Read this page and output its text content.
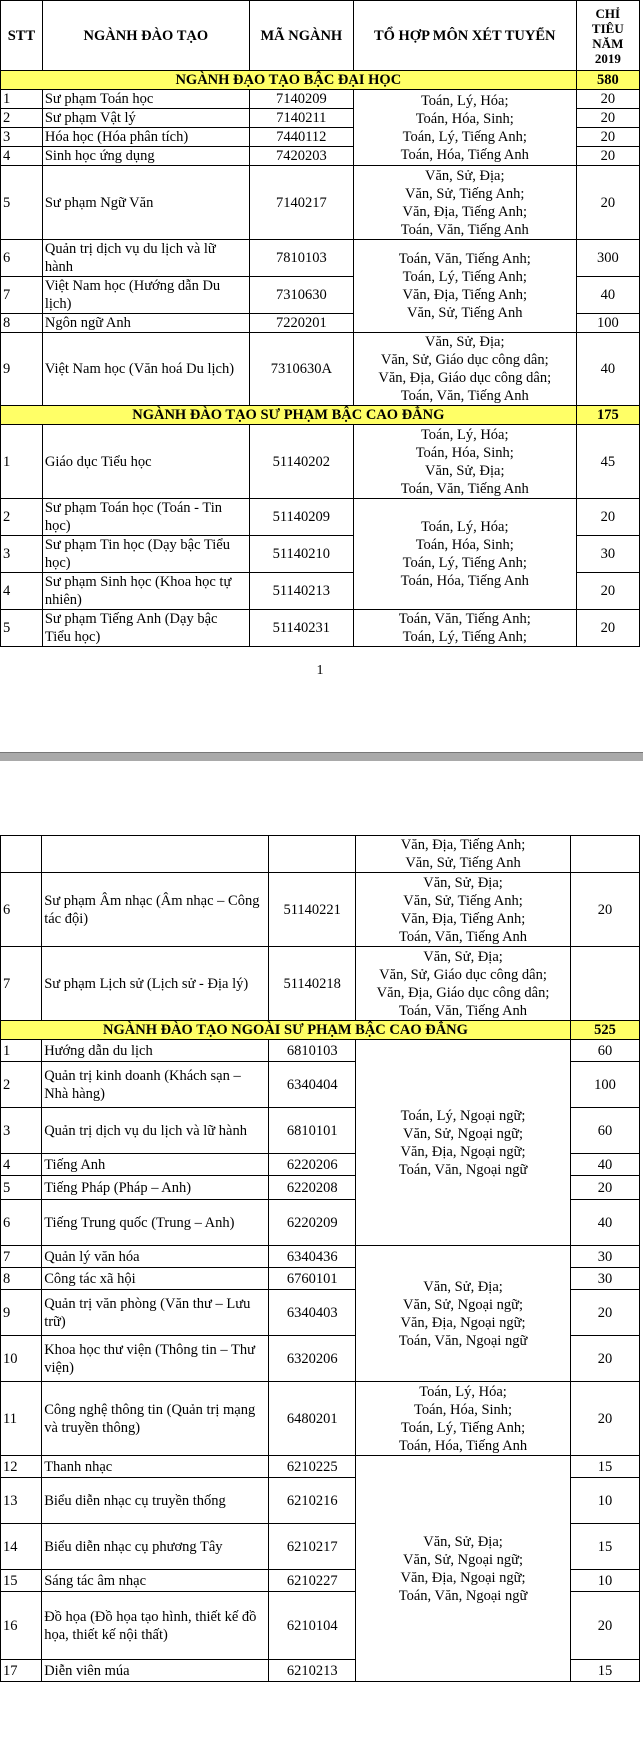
STT	NGÀNH ĐÀO TẠO	MÃ NGÀNH	TỔ HỢP MÔN XÉT TUYỂN	CHỈ TIÊU NĂM 2019
NGÀNH ĐẠO TẠO BẬC ĐẠI HỌC				580
1	Sư phạm Toán học	7140209	Toán, Lý, Hóa;
Toán, Hóa, Sinh;
Toán, Lý, Tiếng Anh;
Toán, Hóa, Tiếng Anh	20
2	Sư phạm Vật lý	7140211		20
3	Hóa học (Hóa phân tích)	7440112		20
4	Sinh học ứng dụng	7420203		20
5	Sư phạm Ngữ Văn	7140217	Văn, Sử, Địa;
Văn, Sử, Tiếng Anh;
Văn, Địa, Tiếng Anh;
Toán, Văn, Tiếng Anh	20
6	Quản trị dịch vụ du lịch và lữ hành	7810103	Toán, Văn, Tiếng Anh;
Toán, Lý, Tiếng Anh;
Văn, Địa, Tiếng Anh;
Văn, Sử, Tiếng Anh	300
7	Việt Nam học (Hướng dẫn Du lịch)	7310630		40
8	Ngôn ngữ Anh	7220201		100
9	Việt Nam học (Văn hoá Du lịch)	7310630A	Văn, Sử, Địa;
Văn, Sử, Giáo dục công dân;
Văn, Địa, Giáo dục công dân;
Toán, Văn, Tiếng Anh	40
NGÀNH ĐÀO TẠO SƯ PHẠM BẬC CAO ĐẲNG				175
1	Giáo dục Tiểu học	51140202	Toán, Lý, Hóa;
Toán, Hóa, Sinh;
Văn, Sử, Địa;
Toán, Văn, Tiếng Anh	45
2	Sư phạm Toán học (Toán - Tin học)	51140209	Toán, Lý, Hóa;
Toán, Hóa, Sinh;
Toán, Lý, Tiếng Anh;
Toán, Hóa, Tiếng Anh	20
3	Sư phạm Tin học (Dạy bậc Tiểu học)	51140210		30
4	Sư phạm Sinh học (Khoa học tự nhiên)	51140213		20
5	Sư phạm Tiếng Anh (Dạy bậc Tiểu học)	51140231	Toán, Văn, Tiếng Anh;
Toán, Lý, Tiếng Anh;	20
1

			Văn, Địa, Tiếng Anh;
Văn, Sử, Tiếng Anh	

6	Sư phạm Âm nhạc (Âm nhạc – Công tác đội)	51140221	Văn, Sử, Địa;
Văn, Sử, Tiếng Anh;
Văn, Địa, Tiếng Anh;
Toán, Văn, Tiếng Anh	20
7	Sư phạm Lịch sử (Lịch sử - Địa lý)	51140218	Văn, Sử, Địa;
Văn, Sử, Giáo dục công dân;
Văn, Địa, Giáo dục công dân;
Toán, Văn, Tiếng Anh	

NGÀNH ĐÀO TẠO NGOÀI SƯ PHẠM BẬC CAO ĐẲNG				525
1	Hướng dẫn du lịch	6810103	Toán, Lý, Ngoại ngữ;
Văn, Sử, Ngoại ngữ;
Văn, Địa, Ngoại ngữ;
Toán, Văn, Ngoại ngữ	60
2	Quản trị kinh doanh (Khách sạn – Nhà hàng)	6340404		100
3	Quản trị dịch vụ du lịch và lữ hành	6810101		60
4	Tiếng Anh	6220206		40
5	Tiếng Pháp (Pháp – Anh)	6220208		20
6	Tiếng Trung quốc (Trung – Anh)	6220209		40
7	Quản lý văn hóa	6340436	Văn, Sử, Địa;
Văn, Sử, Ngoại ngữ;
Văn, Địa, Ngoại ngữ;
Toán, Văn, Ngoại ngữ	30
8	Công tác xã hội	6760101		30
9	Quản trị văn phòng (Văn thư – Lưu trữ)	6340403		20
10	Khoa học thư viện (Thông tin – Thư viện)	6320206		20
11	Công nghệ thông tin (Quản trị mạng và truyền thông)	6480201	Toán, Lý, Hóa;
Toán, Hóa, Sinh;
Toán, Lý, Tiếng Anh;
Toán, Hóa, Tiếng Anh	20
12	Thanh nhạc	6210225	Văn, Sử, Địa;
Văn, Sử, Ngoại ngữ;
Văn, Địa, Ngoại ngữ;
Toán, Văn, Ngoại ngữ	15
13	Biểu diễn nhạc cụ truyền thống	6210216		10
14	Biểu diễn nhạc cụ phương Tây	6210217		15
15	Sáng tác âm nhạc	6210227		10
16	Đồ họa (Đồ họa tạo hình, thiết kế đồ họa, thiết kế nội thất)	6210104		20
17	Diễn viên múa	6210213		15
